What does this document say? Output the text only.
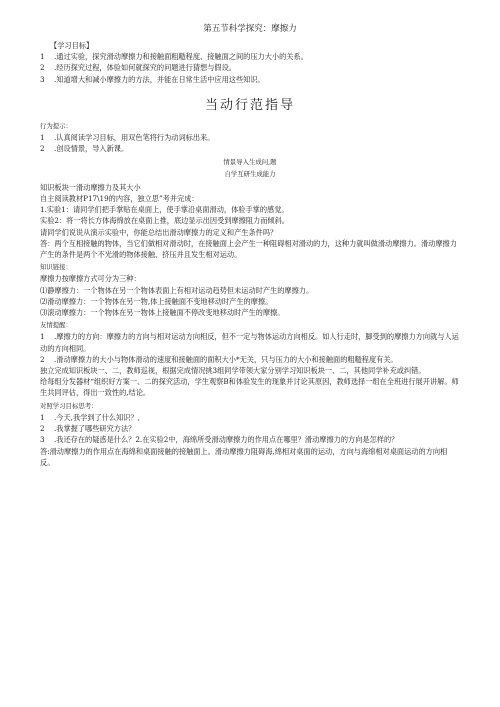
第五节科学探究：摩擦力

【学习目标】

1 .通过实验，探究滑动摩擦力和接触面粗糙程度、接触面之间的压力大小的关系。

2 .经历探究过程，体验如何就探究的问题进行猜想与假设。

3 .知道增大和减小摩擦力的方法，并能在日常生活中应用这些知识。

当动行范指导

行为提示：

1 .认真阅读学习目标，用双色笔将行为动词标出来。

2 .创设情景，导入新课。

情景导入生成问,题

自学互研生成能力

知识板块一滑动摩擦力及其大小

自主阅读教材P17\19的内容，独立思”考并完成：

1.实验1：请同学们把手掌贴在桌面上，使手掌沿桌面滑动，体验手掌的感觉。

实验2：将一将长方体海绵放在桌面上推，底边显示出因受到摩擦阻力而倾斜。

请同学们说说从演示实验中，你能总结出滑动摩擦力的定义和产生条件吗？

答：两个互相接触的物体，当它们做相对滑动时，在接触面上会产生一种阻碍相对滑动的力，这种力就叫做滑动摩擦力。滑动摩擦力产生的条件是两个不光滑的物体接触、挤压并且发生相对运动。

知识链接：

摩擦力按摩擦方式可分为三种：

⑴静摩擦力：一个物体在另一个物体表面上有相对运动趋势但未运动时产生的摩擦力。

⑵滑动摩擦力：一个物体在另一物,体上接触面不变地移动时产生的摩擦。

⑶滚动摩擦力：一个物体在另一物体上接触面不停改变地移动时产生的摩擦。

友情提醒：

1 .摩擦力的方向：摩擦力的方向与相对运动方向相反，但不一定与物体运动方向相反。如人行走时，脚受到的摩擦力方向就与人运动的方向相同。

2 .滑动摩擦力的大小与物体滑动的速度和接触面的面积大小*无关，只与压力的大小和接触面的粗糙程度有关。

独立完成知识板块一、二，教师巡视，根据完成情况挑3组同学带领大家分别学习知识板块一、二，其他同学补充或纠错。

给每组分发器材“组织好方案一、二的探究活动，学生观察B和体验发生的现象并讨论其原因，教师选择一组在全班进行展开讲解。师生共同评估，得出一致性的,结论。

对照学习目标思考：

1 .今天,我学到了什么知识？,

2 .我掌握了哪些研究方法？

3 .我还存在的疑惑是什么？2.在实验2中，海绵所受滑动摩擦力的作用点在哪里？滑动摩擦力的方向是怎样的？

答:滑动摩擦力的作用点在海绵和桌面接触的接触面上。滑动摩擦力阻碍海,绵相对桌面的运动，方向与海绵相对桌面运动的方向相反。
